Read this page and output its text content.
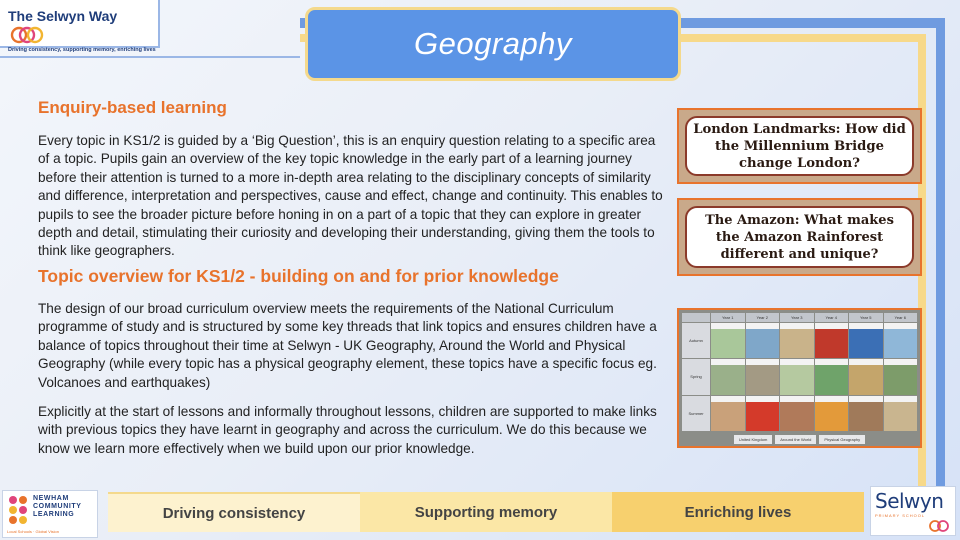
The Selwyn Way
Driving consistency, supporting memory, enriching lives	Geography
Enquiry-based learning
Every topic in KS1/2 is guided by a ‘Big Question’, this is an enquiry question relating to a specific area of a topic. Pupils gain an overview of the key topic knowledge in the early part of a learning journey before their attention is turned to a more in-depth area relating to the disciplinary concepts of similarity and difference, interpretation and perspectives, cause and effect, change and continuity. This enables to pupils to see the broader picture before honing in on a part of a topic that they can explore in greater depth and detail, stimulating their curiosity and developing their understanding, giving them the tools to think like geographers.
Topic overview for KS1/2 - building on and for prior knowledge
The design of our broad curriculum overview meets the requirements of the National Curriculum programme of study and is structured by some key threads that link topics and ensures children have a balance of topics throughout their time at Selwyn - UK Geography, Around the World and Physical Geography (while every topic has a physical geography element, these topics have a specific focus eg. Volcanoes and earthquakes)
Explicitly at the start of lessons and informally throughout lessons, children are supported to make links with previous topics they have learnt in geography and across the curriculum. We do this because we know we learn more effectively when we build upon our prior knowledge.
London Landmarks: How did the Millennium Bridge change London?
The Amazon: What makes the Amazon Rainforest different and unique?
Year 1	Year 2	Year 3	Year 4	Year 5	Year 6
Autumn
Spring
Summer
United Kingdom	Around the World	Physical Geography
NEWHAM
COMMUNITY
LEARNING
Local Schools · Global Vision
Driving consistency	Supporting memory	Enriching lives	Selwyn
PRIMARY SCHOOL
